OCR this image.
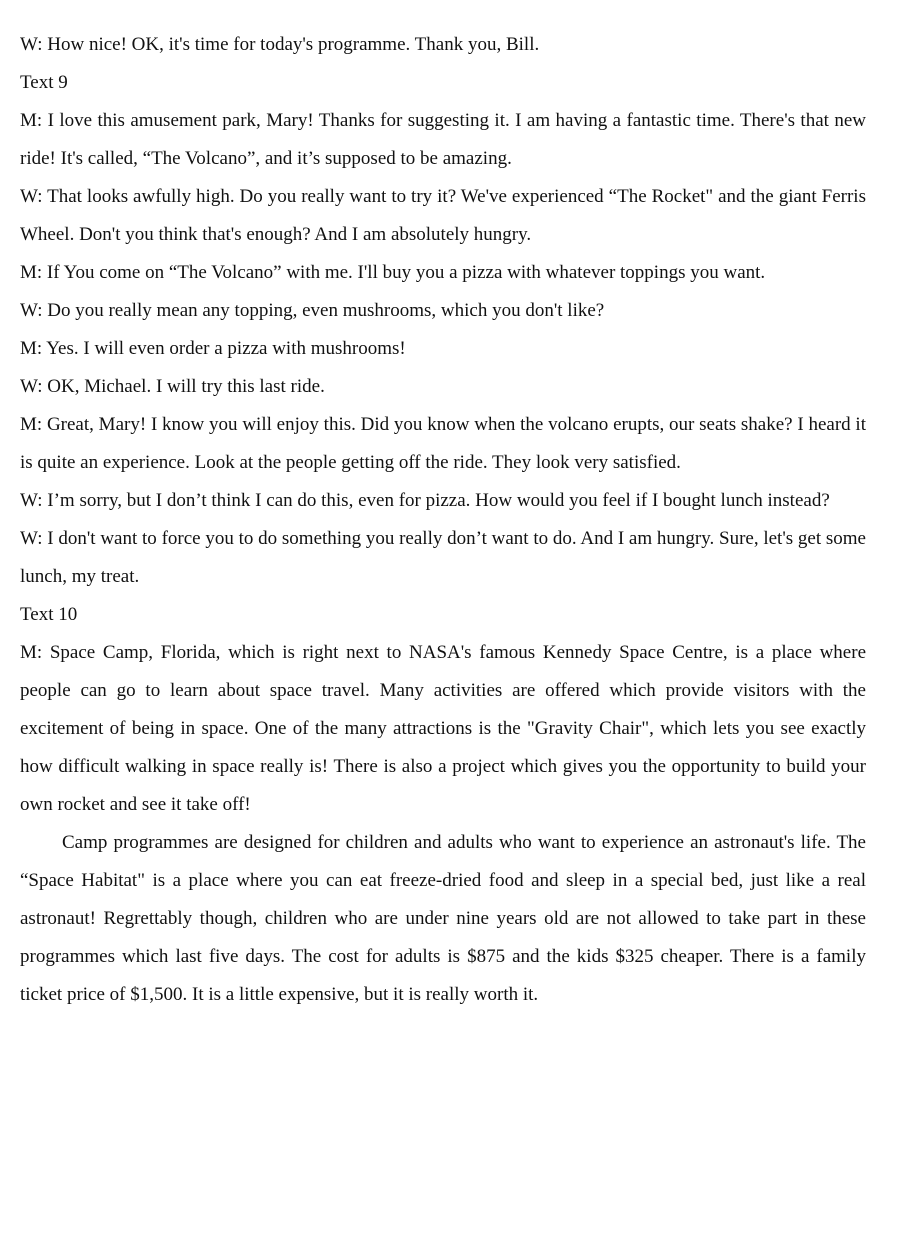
W: How nice! OK, it's time for today's programme. Thank you, Bill.

Text 9

M: I love this amusement park, Mary! Thanks for suggesting it. I am having a fantastic time. There's that new ride! It's called, “The Volcano”, and it’s supposed to be amazing.

W: That looks awfully high. Do you really want to try it? We've experienced “The Rocket" and the giant Ferris Wheel. Don't you think that's enough? And I am absolutely hungry.

M: If You come on “The Volcano” with me. I'll buy you a pizza with whatever toppings you want.

W: Do you really mean any topping, even mushrooms, which you don't like?

M: Yes. I will even order a pizza with mushrooms!

W: OK, Michael. I will try this last ride.

M: Great, Mary! I know you will enjoy this. Did you know when the volcano erupts, our seats shake? I heard it is quite an experience. Look at the people getting off the ride. They look very satisfied.

W: I’m sorry, but I don’t think I can do this, even for pizza. How would you feel if I bought lunch instead?

W: I don't want to force you to do something you really don’t want to do. And I am hungry. Sure, let's get some lunch, my treat.

Text 10

M: Space Camp, Florida, which is right next to NASA's famous Kennedy Space Centre, is a place where people can go to learn about space travel. Many activities are offered which provide visitors with the excitement of being in space. One of the many attractions is the "Gravity Chair", which lets you see exactly how difficult walking in space really is! There is also a project which gives you the opportunity to build your own rocket and see it take off!

Camp programmes are designed for children and adults who want to experience an astronaut's life. The “Space Habitat" is a place where you can eat freeze-dried food and sleep in a special bed, just like a real astronaut! Regrettably though, children who are under nine years old are not allowed to take part in these programmes which last five days. The cost for adults is $875 and the kids $325 cheaper. There is a family ticket price of $1,500. It is a little expensive, but it is really worth it.
